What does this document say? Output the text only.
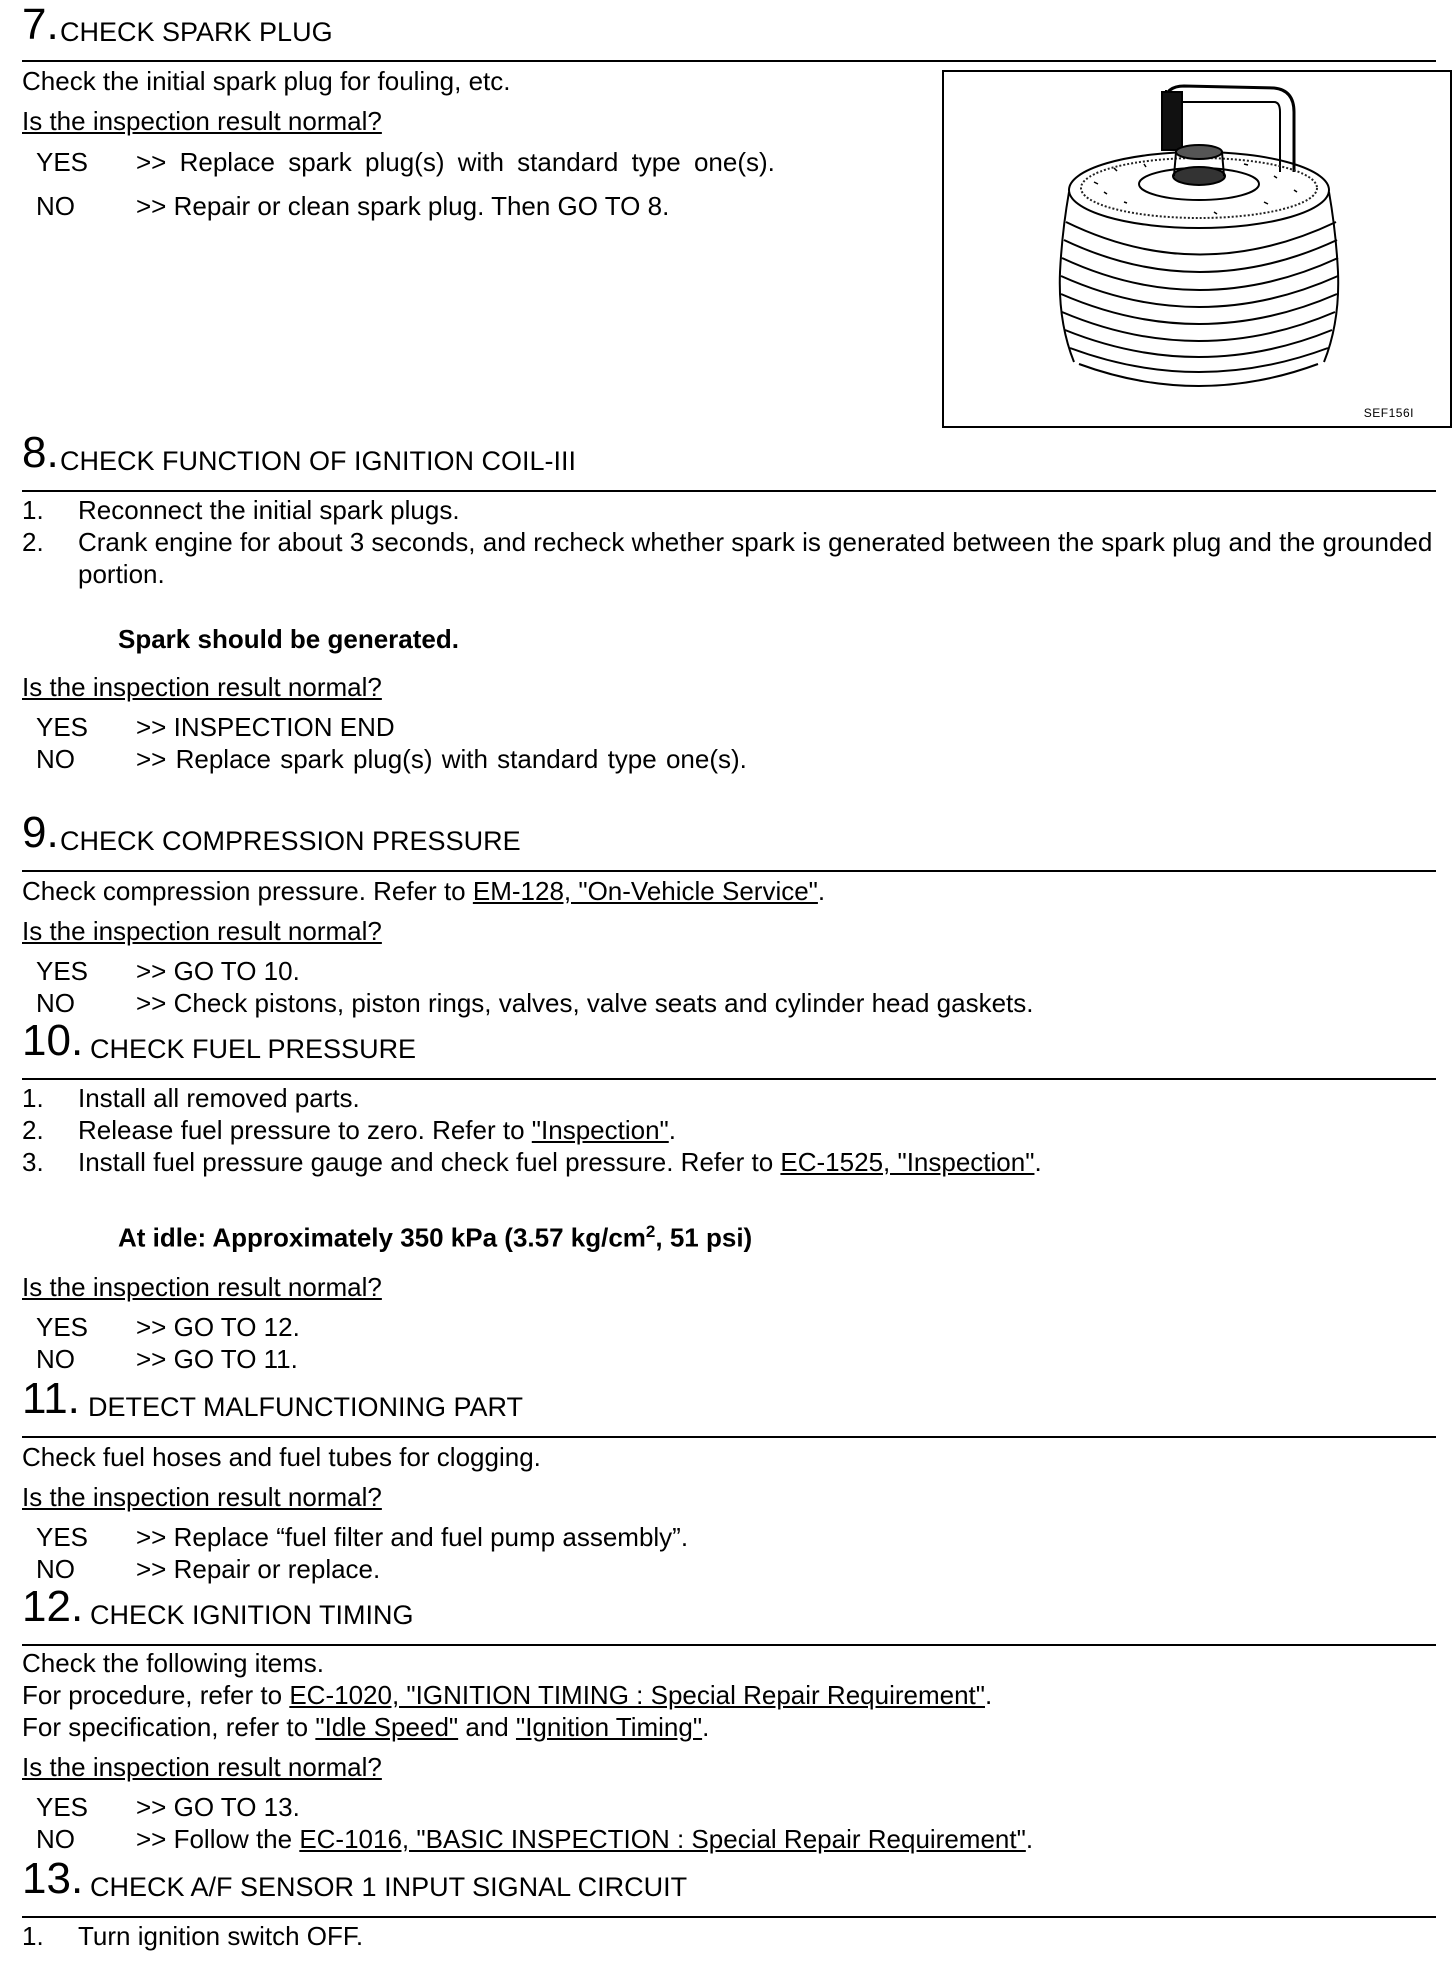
7. CHECK SPARK PLUG
Check the initial spark plug for fouling, etc.
Is the inspection result normal?
YES >> Replace spark plug(s) with standard type one(s).
NO >> Repair or clean spark plug. Then GO TO 8.
SEF156I
8. CHECK FUNCTION OF IGNITION COIL-III
1. Reconnect the initial spark plugs.
2. Crank engine for about 3 seconds, and recheck whether spark is generated between the spark plug and the grounded portion.
Spark should be generated.
Is the inspection result normal?
YES >> INSPECTION END
NO >> Replace spark plug(s) with standard type one(s).
9. CHECK COMPRESSION PRESSURE
Check compression pressure. Refer to EM-128, "On-Vehicle Service".
Is the inspection result normal?
YES >> GO TO 10.
NO >> Check pistons, piston rings, valves, valve seats and cylinder head gaskets.
10. CHECK FUEL PRESSURE
1. Install all removed parts.
2. Release fuel pressure to zero. Refer to "Inspection".
3. Install fuel pressure gauge and check fuel pressure. Refer to EC-1525, "Inspection".
At idle: Approximately 350 kPa (3.57 $kg/cm^2$, 51 psi)
Is the inspection result normal?
YES >> GO TO 12.
NO >> GO TO 11.
11. DETECT MALFUNCTIONING PART
Check fuel hoses and fuel tubes for clogging.
Is the inspection result normal?
YES >> Replace “fuel filter and fuel pump assembly”.
NO >> Repair or replace.
12. CHECK IGNITION TIMING
Check the following items.
For procedure, refer to EC-1020, "IGNITION TIMING : Special Repair Requirement".
For specification, refer to "Idle Speed" and "Ignition Timing".
Is the inspection result normal?
YES >> GO TO 13.
NO >> Follow the EC-1016, "BASIC INSPECTION : Special Repair Requirement".
13. CHECK A/F SENSOR 1 INPUT SIGNAL CIRCUIT
1. Turn ignition switch OFF.
